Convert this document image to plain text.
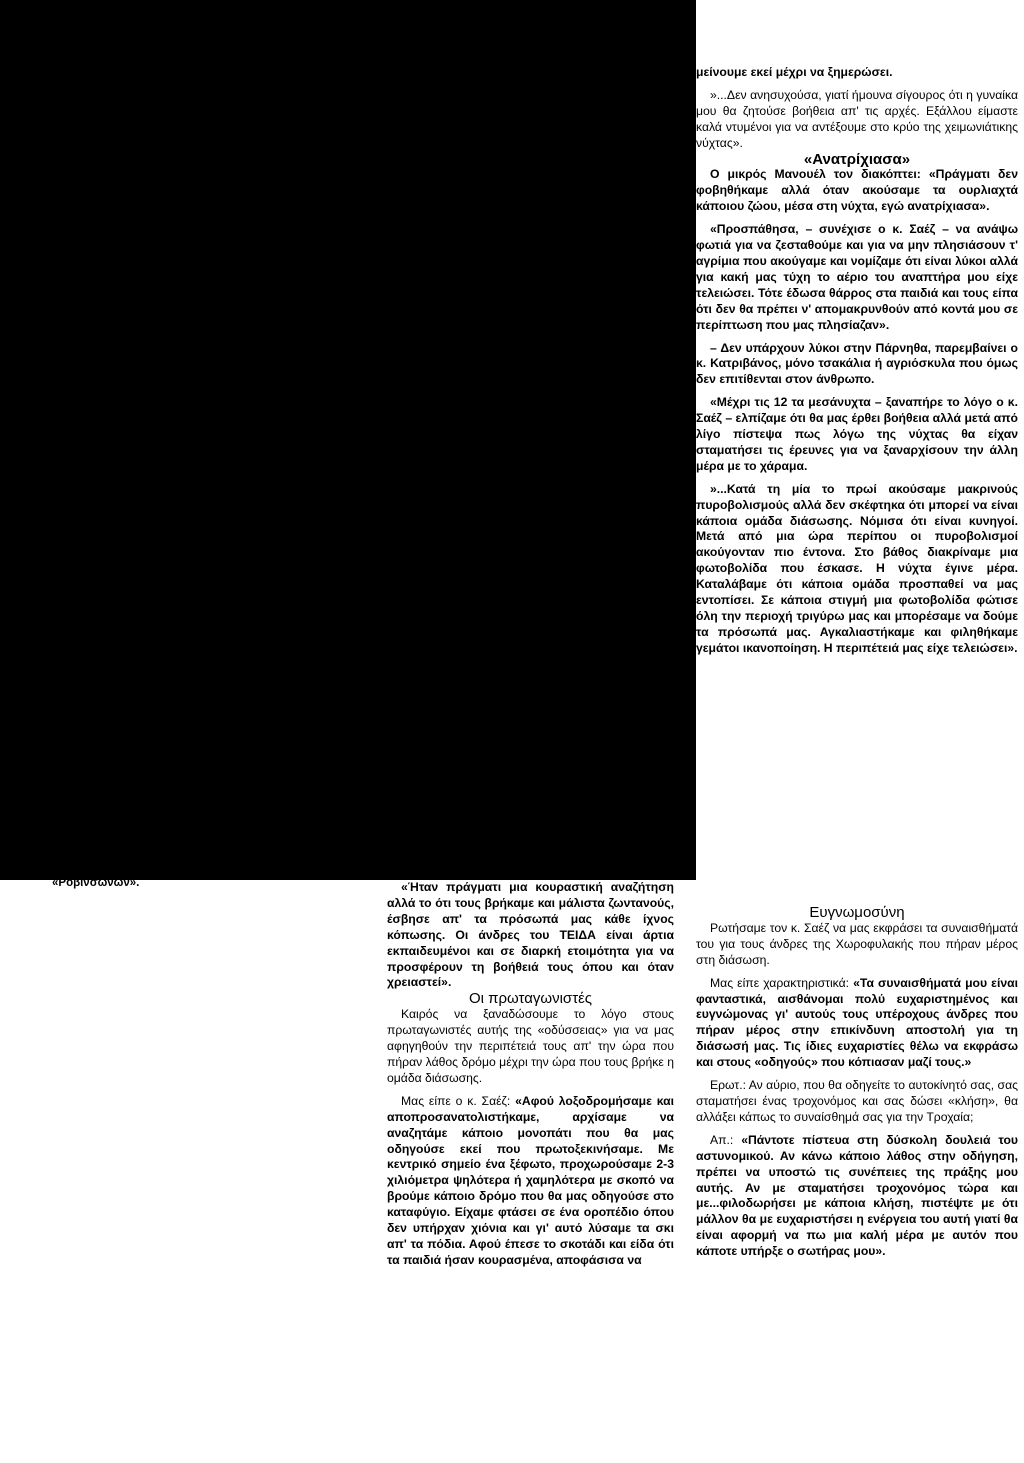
Ευτυχισμένα χαμόγελα μετά τη διάσωση των τριών «Ροβινσώνων».	«Ήταν πράγματι μια κουραστική αναζήτηση αλλά το ότι τους βρήκαμε και μάλιστα ζωντανούς, έσβησε απ' τα πρόσωπά μας κάθε ίχνος κόπωσης. Οι άνδρες του ΤΕΙΔΑ είναι άρτια εκπαιδευμένοι και σε διαρκή ετοιμότητα για να προσφέρουν τη βοήθειά τους όπου και όταν χρειαστεί».

Οι πρωταγωνιστές

Καιρός να ξαναδώσουμε το λόγο στους πρωταγωνιστές αυτής της «οδύσσειας» για να μας αφηγηθούν την περιπέτειά τους απ' την ώρα που πήραν λάθος δρόμο μέχρι την ώρα που τους βρήκε η ομάδα διάσωσης.

Μας είπε ο κ. Σαέζ: «Αφού λοξοδρομήσαμε και αποπροσανατολιστήκαμε, αρχίσαμε να αναζητάμε κάποιο μονοπάτι που θα μας οδηγούσε εκεί που πρωτοξεκινήσαμε. Με κεντρικό σημείο ένα ξέφωτο, προχωρούσαμε 2-3 χιλιόμετρα ψηλότερα ή χαμηλότερα με σκοπό να βρούμε κάποιο δρόμο που θα μας οδηγούσε στο καταφύγιο. Είχαμε φτάσει σε ένα οροπέδιο όπου δεν υπήρχαν χιόνια και γι' αυτό λύσαμε τα σκι απ' τα πόδια. Αφού έπεσε το σκοτάδι και είδα ότι τα παιδιά ήσαν κουρασμένα, αποφάσισα να

μείνουμε εκεί μέχρι να ξημερώσει.

»...Δεν ανησυχούσα, γιατί ήμουνα σίγουρος ότι η γυναίκα μου θα ζητούσε βοήθεια απ' τις αρχές. Εξάλλου είμαστε καλά ντυμένοι για να αντέξουμε στο κρύο της χειμωνιάτικης νύχτας».

«Ανατρίχιασα»

Ο μικρός Μανουέλ τον διακόπτει: «Πράγματι δεν φοβηθήκαμε αλλά όταν ακούσαμε τα ουρλιαχτά κάποιου ζώου, μέσα στη νύχτα, εγώ ανατρίχιασα».

«Προσπάθησα, – συνέχισε ο κ. Σαέζ – να ανάψω φωτιά για να ζεσταθούμε και για να μην πλησιάσουν τ' αγρίμια που ακούγαμε και νομίζαμε ότι είναι λύκοι αλλά για κακή μας τύχη το αέριο του αναπτήρα μου είχε τελειώσει. Τότε έδωσα θάρρος στα παιδιά και τους είπα ότι δεν θα πρέπει ν' απομακρυνθούν από κοντά μου σε περίπτωση που μας πλησίαζαν».

– Δεν υπάρχουν λύκοι στην Πάρνηθα, παρεμβαίνει ο κ. Κατριβάνος, μόνο τσακάλια ή αγριόσκυλα που όμως δεν επιτίθενται στον άνθρωπο.

«Μέχρι τις 12 τα μεσάνυχτα – ξαναπήρε το λόγο ο κ. Σαέζ – ελπίζαμε ότι θα μας έρθει βοήθεια αλλά μετά από λίγο πίστεψα πως λόγω της νύχτας θα είχαν σταματήσει τις έρευνες για να ξαναρχίσουν την άλλη μέρα με το χάραμα.

»...Κατά τη μία το πρωί ακούσαμε μακρινούς πυροβολισμούς αλλά δεν σκέφτηκα ότι μπορεί να είναι κάποια ομάδα διάσωσης. Νόμισα ότι είναι κυνηγοί. Μετά από μια ώρα περίπου οι πυροβολισμοί ακούγονταν πιο έντονα. Στο βάθος διακρίναμε μια φωτοβολίδα που έσκασε. Η νύχτα έγινε μέρα. Καταλάβαμε ότι κάποια ομάδα προσπαθεί να μας εντοπίσει. Σε κάποια στιγμή μια φωτοβολίδα φώτισε όλη την περιοχή τριγύρω μας και μπορέσαμε να δούμε τα πρόσωπά μας. Αγκαλιαστήκαμε και φιληθήκαμε γεμάτοι ικανοποίηση. Η περιπέτειά μας είχε τελειώσει».

Ευγνωμοσύνη

Ρωτήσαμε τον κ. Σαέζ να μας εκφράσει τα συναισθήματά του για τους άνδρες της Χωροφυλακής που πήραν μέρος στη διάσωση.

Μας είπε χαρακτηριστικά: «Τα συναισθήματά μου είναι φανταστικά, αισθάνομαι πολύ ευχαριστημένος και ευγνώμονας γι' αυτούς τους υπέροχους άνδρες που πήραν μέρος στην επικίνδυνη αποστολή για τη διάσωσή μας. Τις ίδιες ευχαριστίες θέλω να εκφράσω και στους «οδηγούς» που κόπιασαν μαζί τους.»

Ερωτ.: Αν αύριο, που θα οδηγείτε το αυτοκίνητό σας, σας σταματήσει ένας τροχονόμος και σας δώσει «κλήση», θα αλλάξει κάπως το συναίσθημά σας για την Τροχαία;

Απ.: «Πάντοτε πίστευα στη δύσκολη δουλειά του αστυνομικού. Αν κάνω κάποιο λάθος στην οδήγηση, πρέπει να υποστώ τις συνέπειες της πράξης μου αυτής. Αν με σταματήσει τροχονόμος τώρα και με...φιλοδωρήσει με κάποια κλήση, πιστέψτε με ότι μάλλον θα με ευχαριστήσει η ενέργεια του αυτή γιατί θα είναι αφορμή να πω μια καλή μέρα με αυτόν που κάποτε υπήρξε ο σωτήρας μου».
